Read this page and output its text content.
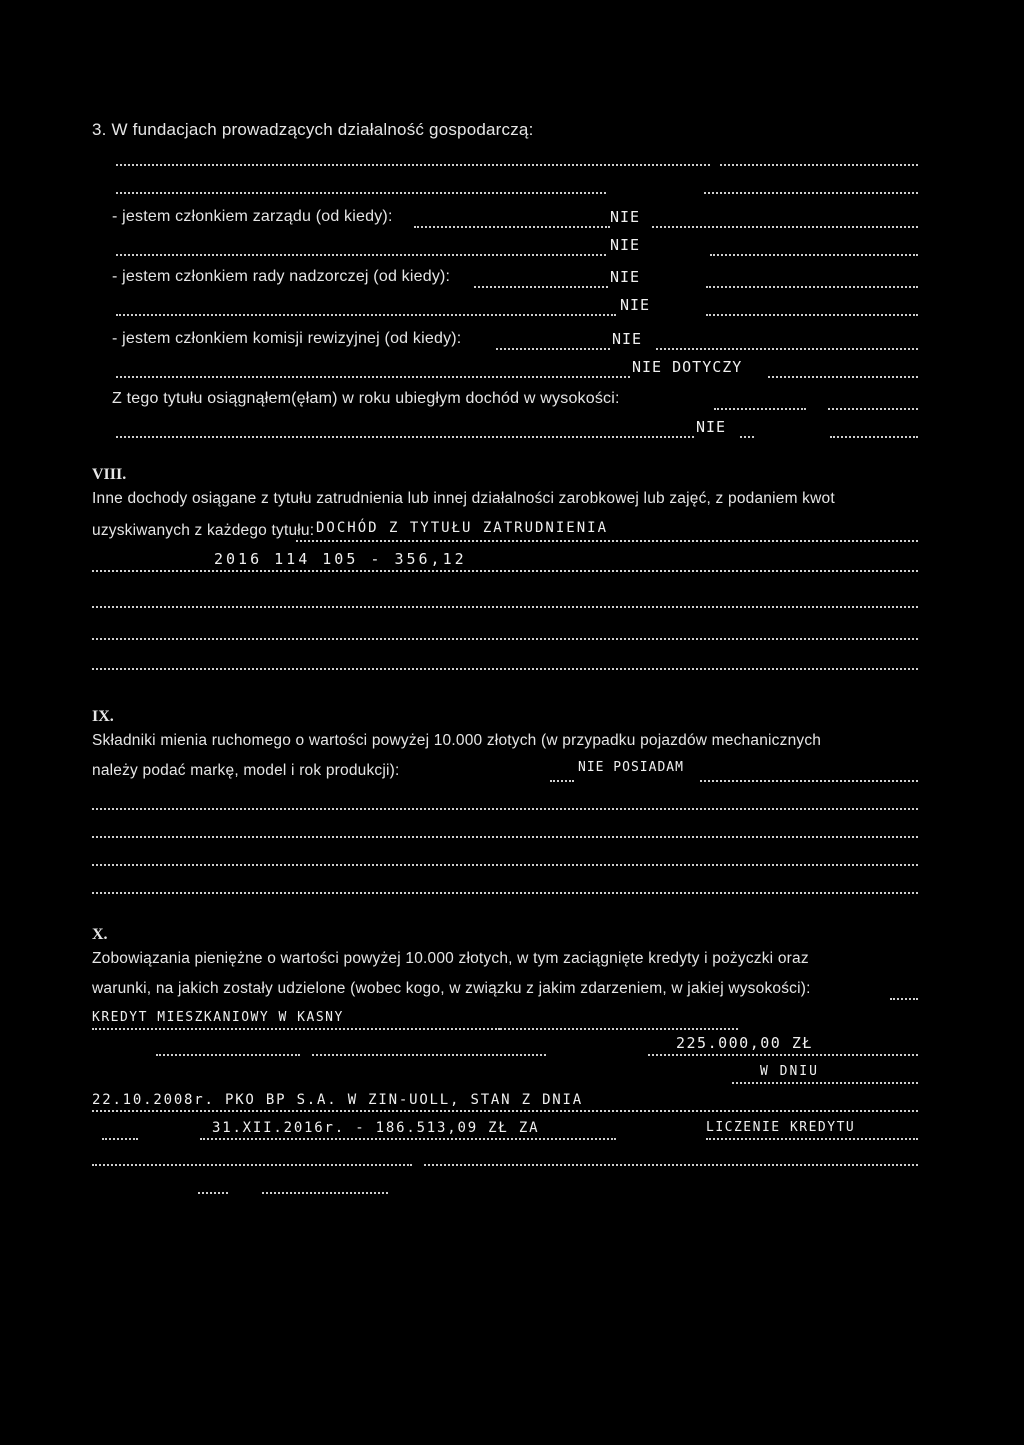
3. W fundacjach prowadzących działalność gospodarczą:
- jestem członkiem zarządu (od kiedy):	NIE
NIE
- jestem członkiem rady nadzorczej (od kiedy):	NIE
NIE
- jestem członkiem komisji rewizyjnej (od kiedy):	NIE
NIE DOTYCZY
Z tego tytułu osiągnąłem(ęłam) w roku ubiegłym dochód w wysokości:
NIE
VIII.
Inne dochody osiągane z tytułu zatrudnienia lub innej działalności zarobkowej lub zajęć, z podaniem kwot
uzyskiwanych z każdego tytułu: DOCHÓD Z TYTUŁU ZATRUDNIENIA
2016 114 105 - 356,12
IX.
Składniki mienia ruchomego o wartości powyżej 10.000 złotych (w przypadku pojazdów mechanicznych
należy podać markę, model i rok produkcji):	NIE POSIADAM
X.
Zobowiązania pieniężne o wartości powyżej 10.000 złotych, w tym zaciągnięte kredyty i pożyczki oraz
warunki, na jakich zostały udzielone (wobec kogo, w związku z jakim zdarzeniem, w jakiej wysokości):
KREDYT MIESZKANIOWY W KASNY
225.000,00 ZŁ
W DNIU
22.10.2008r. PKO BP S.A. W ZIN-UOLL, STAN Z DNIA
31.XII.2016r. - 186.513,09 ZŁ ZA	LICZENIE KREDYTU
